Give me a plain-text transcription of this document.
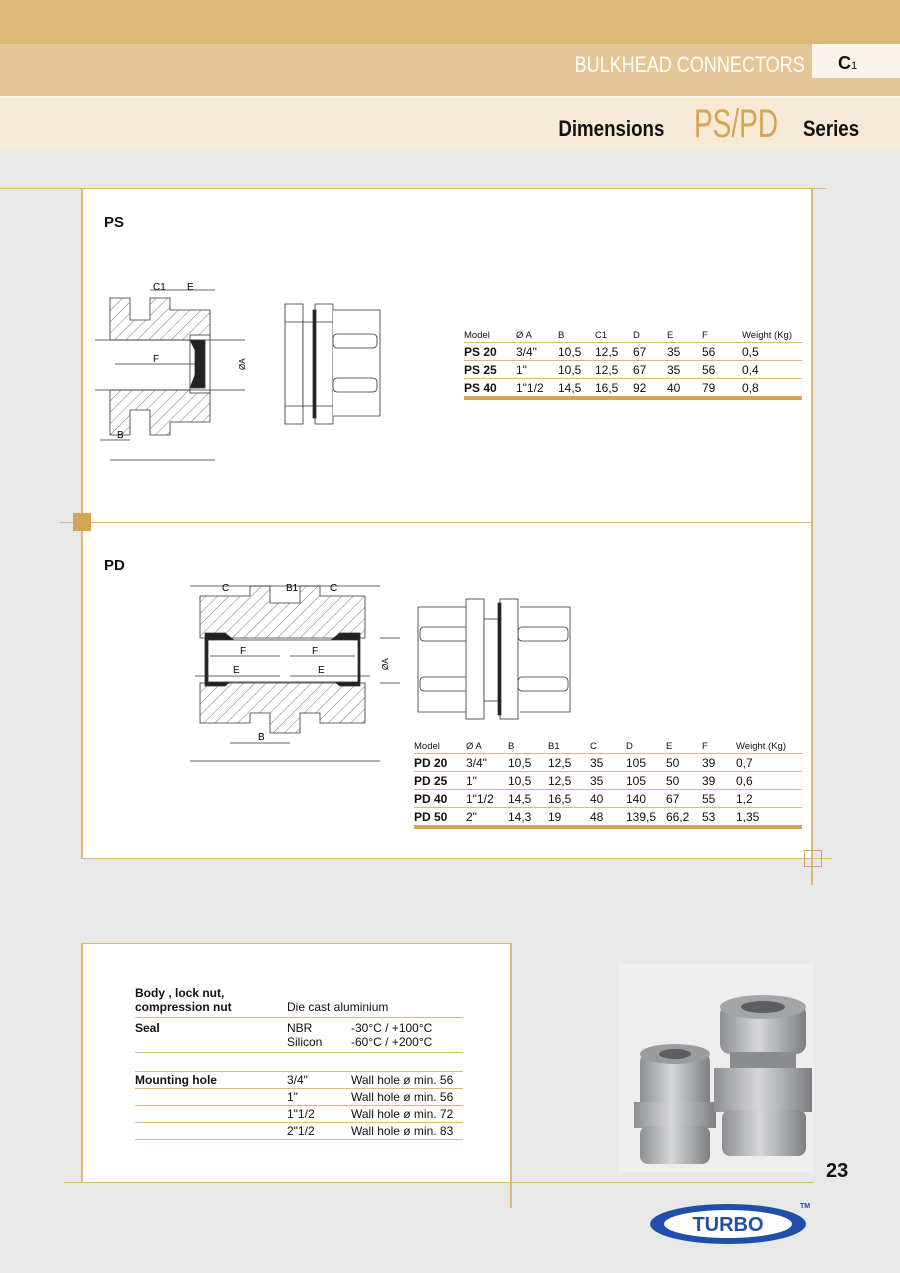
BULKHEAD CONNECTORS C1
Dimensions PS/PD Series
PS
C1 E
F
B
ØA
Model	Ø A	B	C1	D	E	F	Weight (Kg)
PS 20	3/4"	10,5	12,5	67	35	56	0,5
PS 25	1"	10,5	12,5	67	35	56	0,4
PS 40	1"1/2	14,5	16,5	92	40	79	0,8
PD
C	B1	C
F	F
E	E
B
ØA
Model	Ø A	B	B1	C	D	E	F	Weight (Kg)
PD 20	3/4"	10,5	12,5	35	105	50	39	0,7
PD 25	1"	10,5	12,5	35	105	50	39	0,6
PD 40	1"1/2	14,5	16,5	40	140	67	55	1,2
PD 50	2"	14,3	19	48	139,5	66,2	53	1,35
Body , lock nut,
compression nut	Die cast aluminium
Seal	NBR	-30°C / +100°C
Silicon	-60°C / +200°C
Mounting hole	3/4"	Wall hole ø min. 56
1"	Wall hole ø min. 56
1"1/2	Wall hole ø min. 72
2"1/2	Wall hole ø min. 83
23
TURBO
TM
